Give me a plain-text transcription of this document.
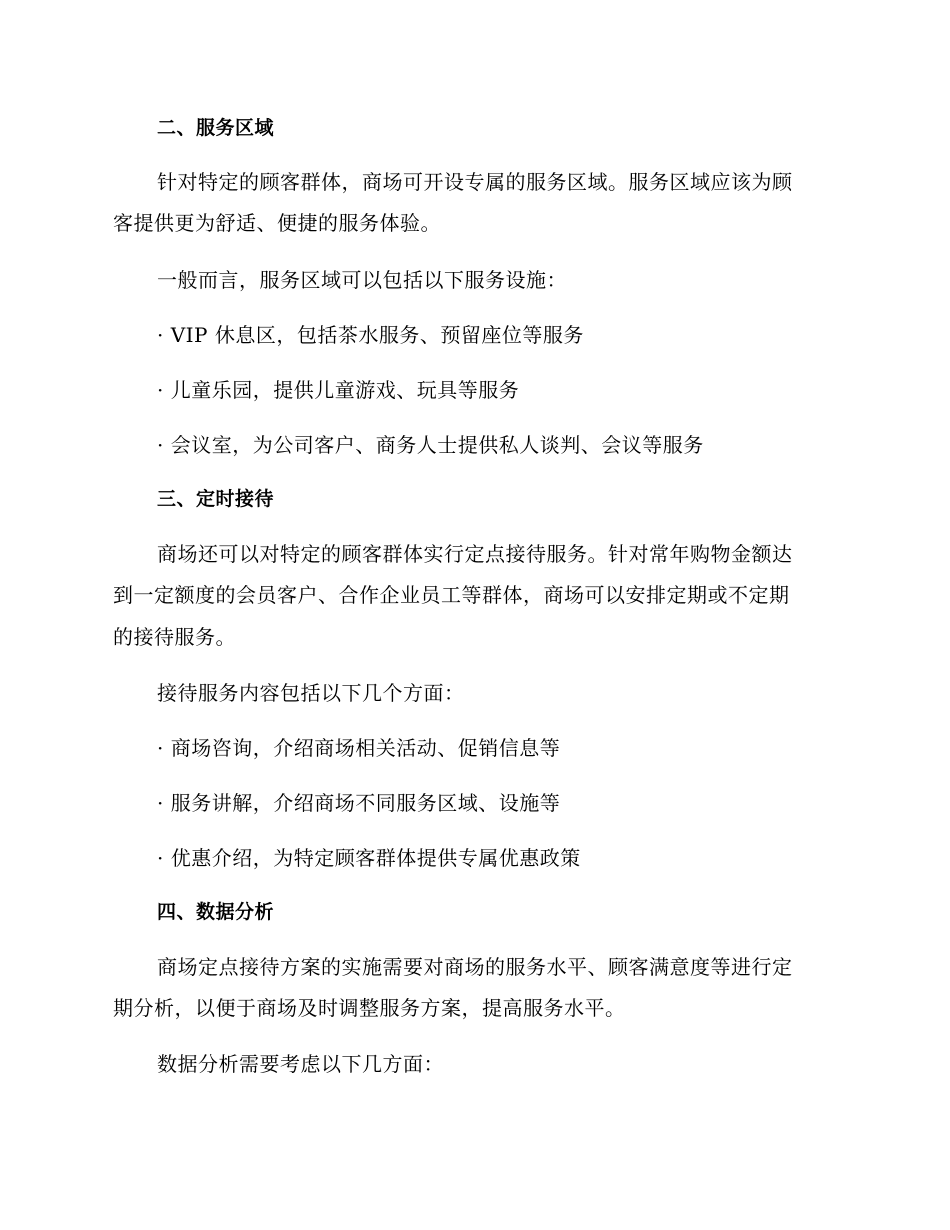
二、服务区域
针对特定的顾客群体，商场可开设专属的服务区域。服务区域应该为顾
客提供更为舒适、便捷的服务体验。
一般而言，服务区域可以包括以下服务设施：
· VIP 休息区，包括茶水服务、预留座位等服务
· 儿童乐园，提供儿童游戏、玩具等服务
· 会议室，为公司客户、商务人士提供私人谈判、会议等服务
三、定时接待
商场还可以对特定的顾客群体实行定点接待服务。针对常年购物金额达
到一定额度的会员客户、合作企业员工等群体，商场可以安排定期或不定期
的接待服务。
接待服务内容包括以下几个方面：
· 商场咨询，介绍商场相关活动、促销信息等
· 服务讲解，介绍商场不同服务区域、设施等
· 优惠介绍，为特定顾客群体提供专属优惠政策
四、数据分析
商场定点接待方案的实施需要对商场的服务水平、顾客满意度等进行定
期分析，以便于商场及时调整服务方案，提高服务水平。
数据分析需要考虑以下几方面：
